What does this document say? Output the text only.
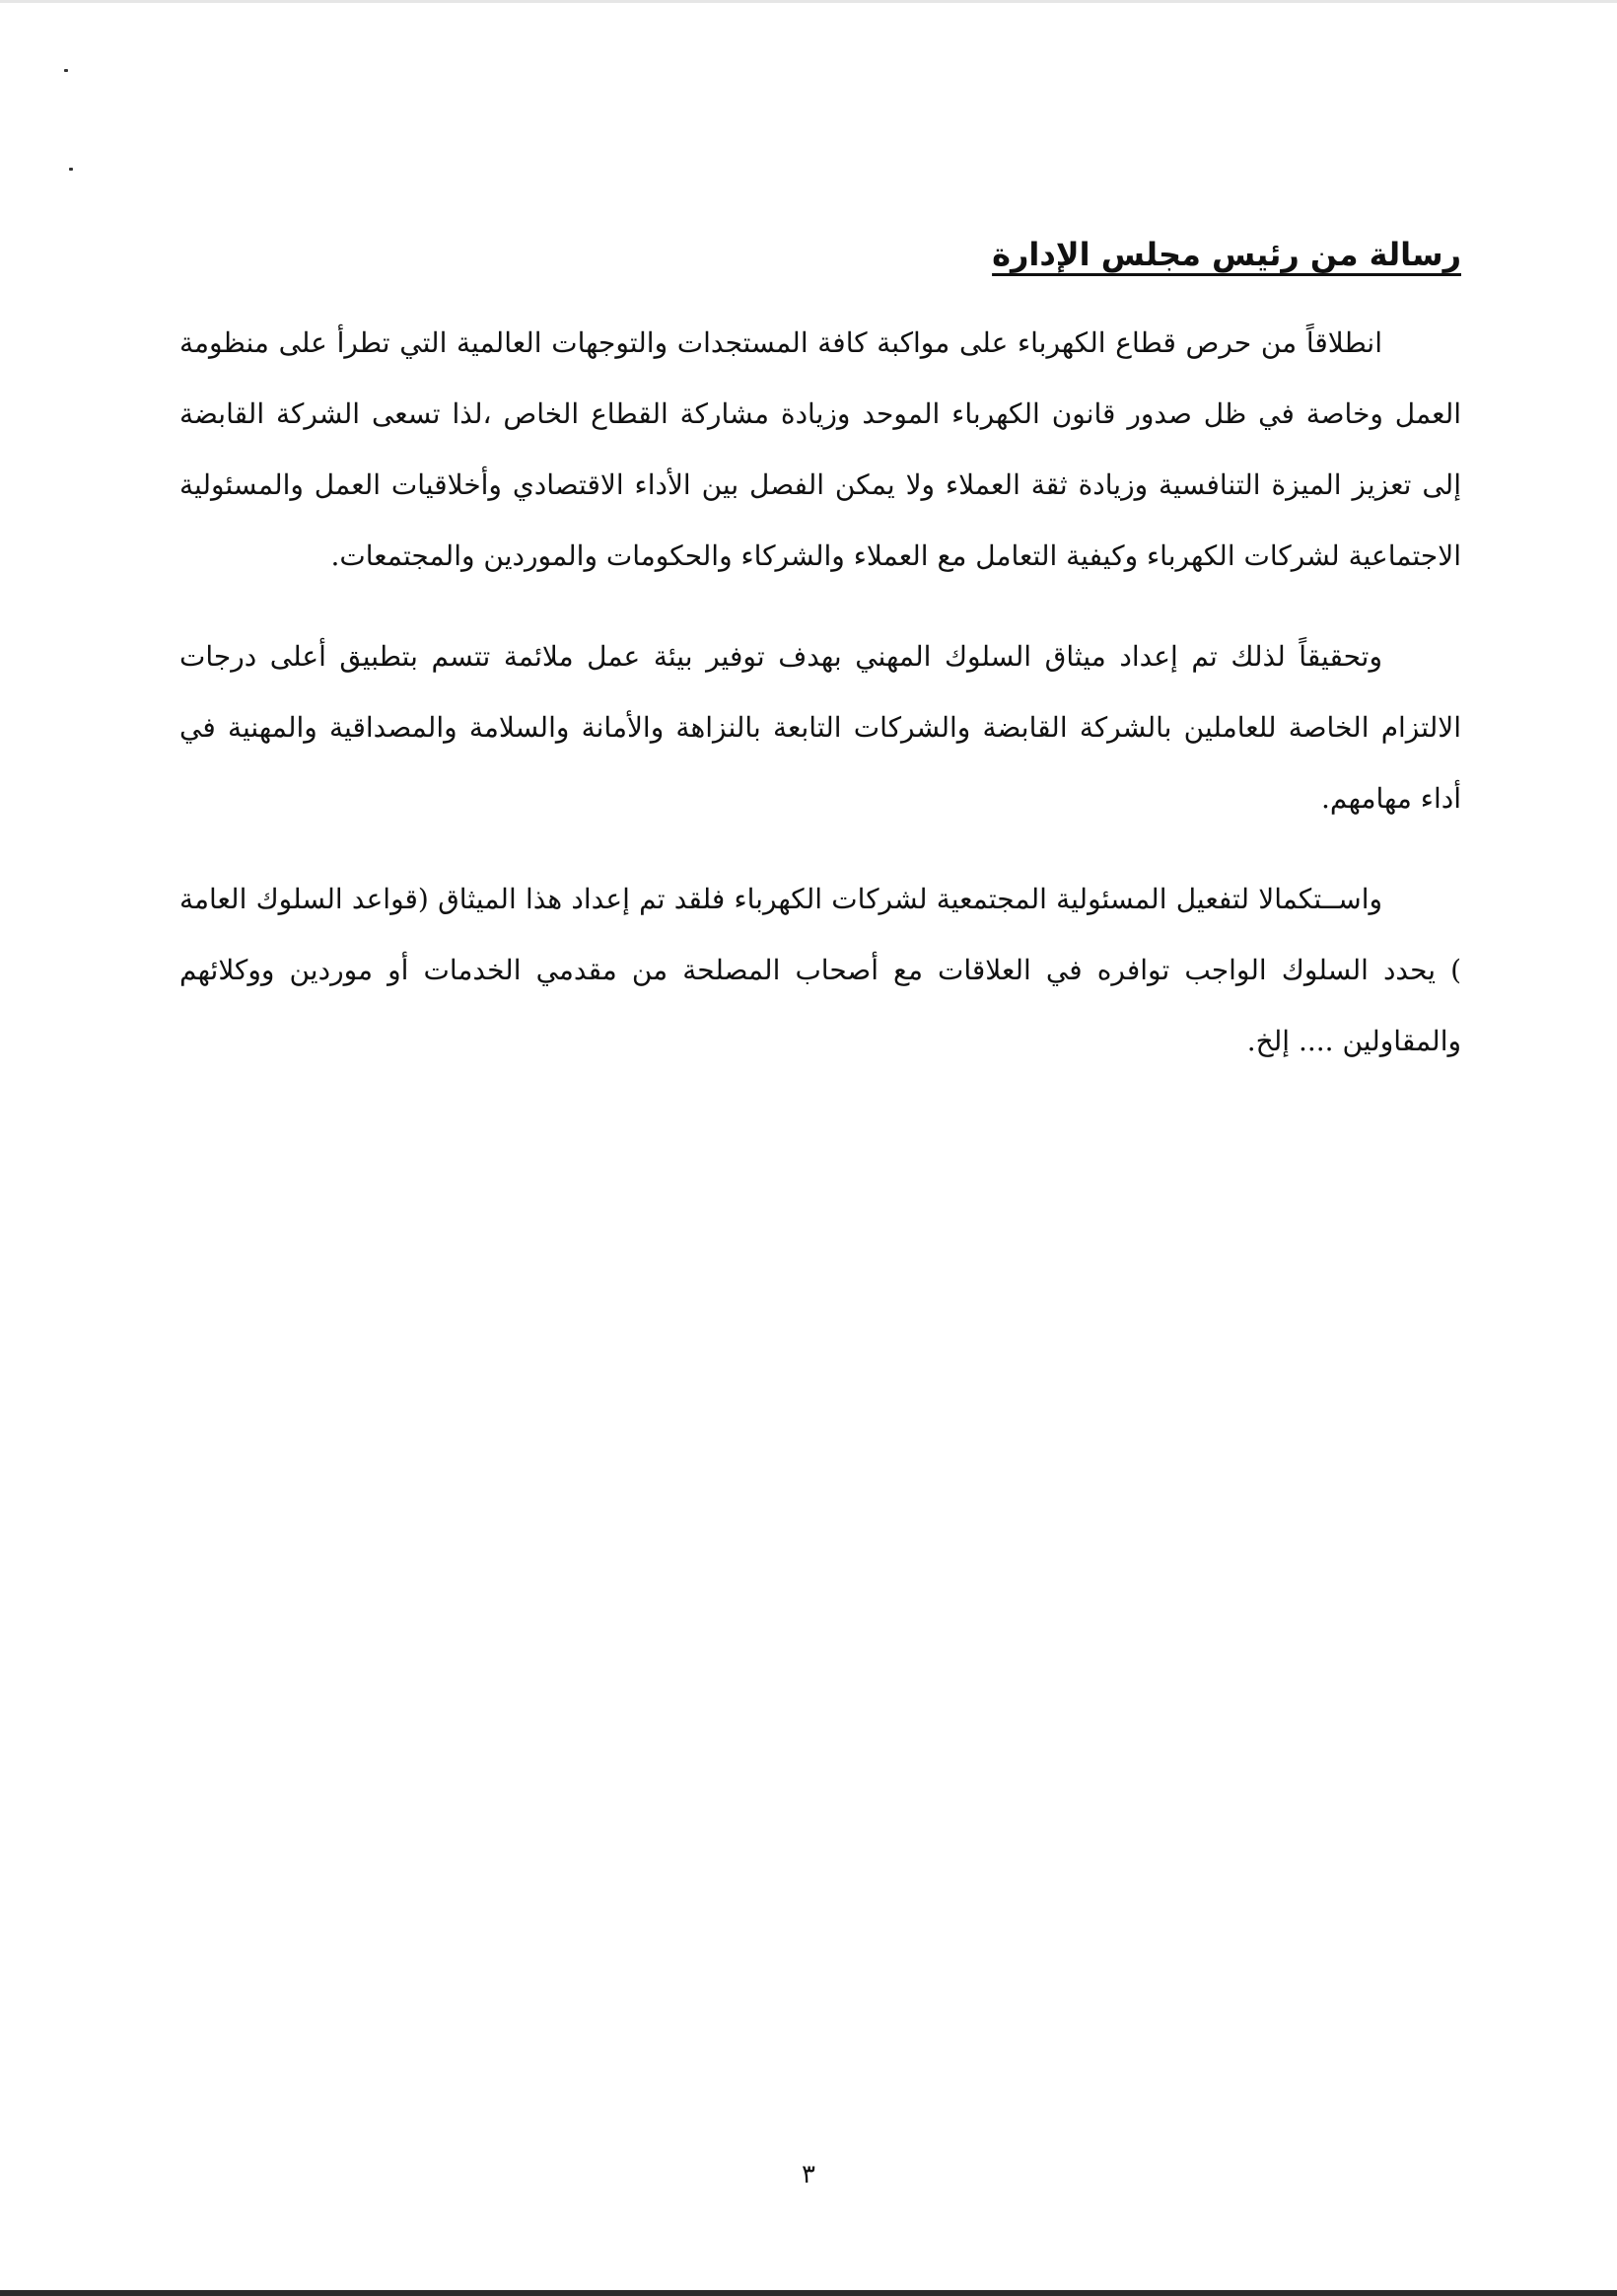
رسالة من رئيس مجلس الإدارة

انطلاقاً من حرص قطاع الكهرباء على مواكبة كافة المستجدات والتوجهات العالمية التي تطرأ على منظومة العمل وخاصة في ظل صدور قانون الكهرباء الموحد وزيادة مشاركة القطاع الخاص ،لذا تسعى الشركة القابضة إلى تعزيز الميزة التنافسية وزيادة ثقة العملاء ولا يمكن الفصل بين الأداء الاقتصادي وأخلاقيات العمل والمسئولية الاجتماعية لشركات الكهرباء وكيفية التعامل مع العملاء والشركاء والحكومات والموردين والمجتمعات.

وتحقيقاً لذلك تم إعداد ميثاق السلوك المهني بهدف توفير بيئة عمل ملائمة تتسم بتطبيق أعلى درجات الالتزام الخاصة للعاملين بالشركة القابضة والشركات التابعة بالنزاهة والأمانة والسلامة والمصداقية والمهنية في أداء مهامهم.

واســتكمالا لتفعيل المسئولية المجتمعية لشركات الكهرباء فلقد تم إعداد هذا الميثاق (قواعد السلوك العامة ) يحدد السلوك الواجب توافره في العلاقات مع أصحاب المصلحة من مقدمي الخدمات أو موردين ووكلائهم والمقاولين .... إلخ.

٣
